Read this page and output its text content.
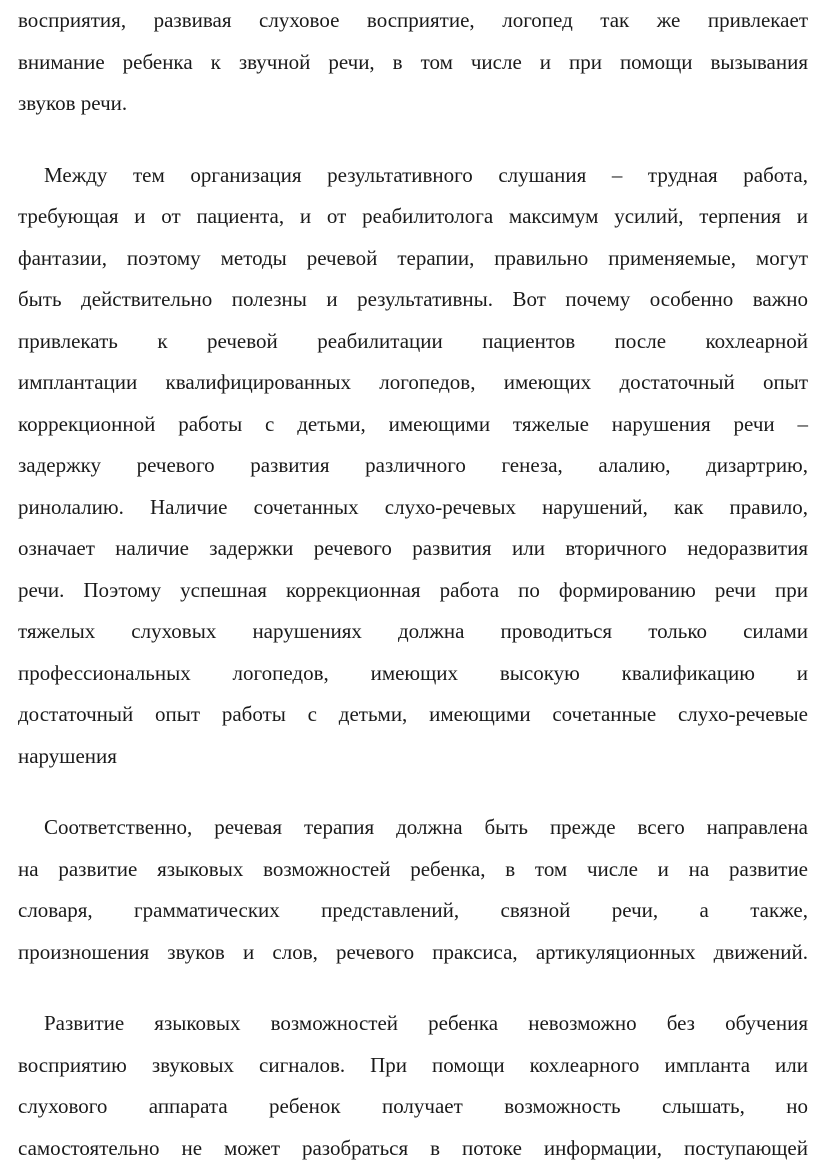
восприятия, развивая слуховое восприятие, логопед так же привлекает
внимание ребенка к звучной речи, в том числе и при помощи вызывания
звуков речи.
Между тем организация результативного слушания – трудная работа,
требующая и от пациента, и от реабилитолога максимум усилий, терпения и
фантазии, поэтому методы речевой терапии, правильно применяемые, могут
быть действительно полезны и результативны. Вот почему особенно важно
привлекать к речевой реабилитации пациентов после кохлеарной
имплантации квалифицированных логопедов, имеющих достаточный опыт
коррекционной работы с детьми, имеющими тяжелые нарушения речи –
задержку речевого развития различного генеза, алалию, дизартрию,
ринолалию. Наличие сочетанных слухо-речевых нарушений, как правило,
означает наличие задержки речевого развития или вторичного недоразвития
речи. Поэтому успешная коррекционная работа по формированию речи при
тяжелых слуховых нарушениях должна проводиться только силами
профессиональных логопедов, имеющих высокую квалификацию и
достаточный опыт работы с детьми, имеющими сочетанные слухо-речевые
нарушения
Соответственно, речевая терапия должна быть прежде всего направлена
на развитие языковых возможностей ребенка, в том числе и на развитие
словаря, грамматических представлений, связной речи, а также,
произношения звуков и слов, речевого праксиса, артикуляционных движений.
Развитие языковых возможностей ребенка невозможно без обучения
восприятию звуковых сигналов. При помощи кохлеарного импланта или
слухового аппарата ребенок получает возможность слышать, но
самостоятельно не может разобраться в потоке информации, поступающей
